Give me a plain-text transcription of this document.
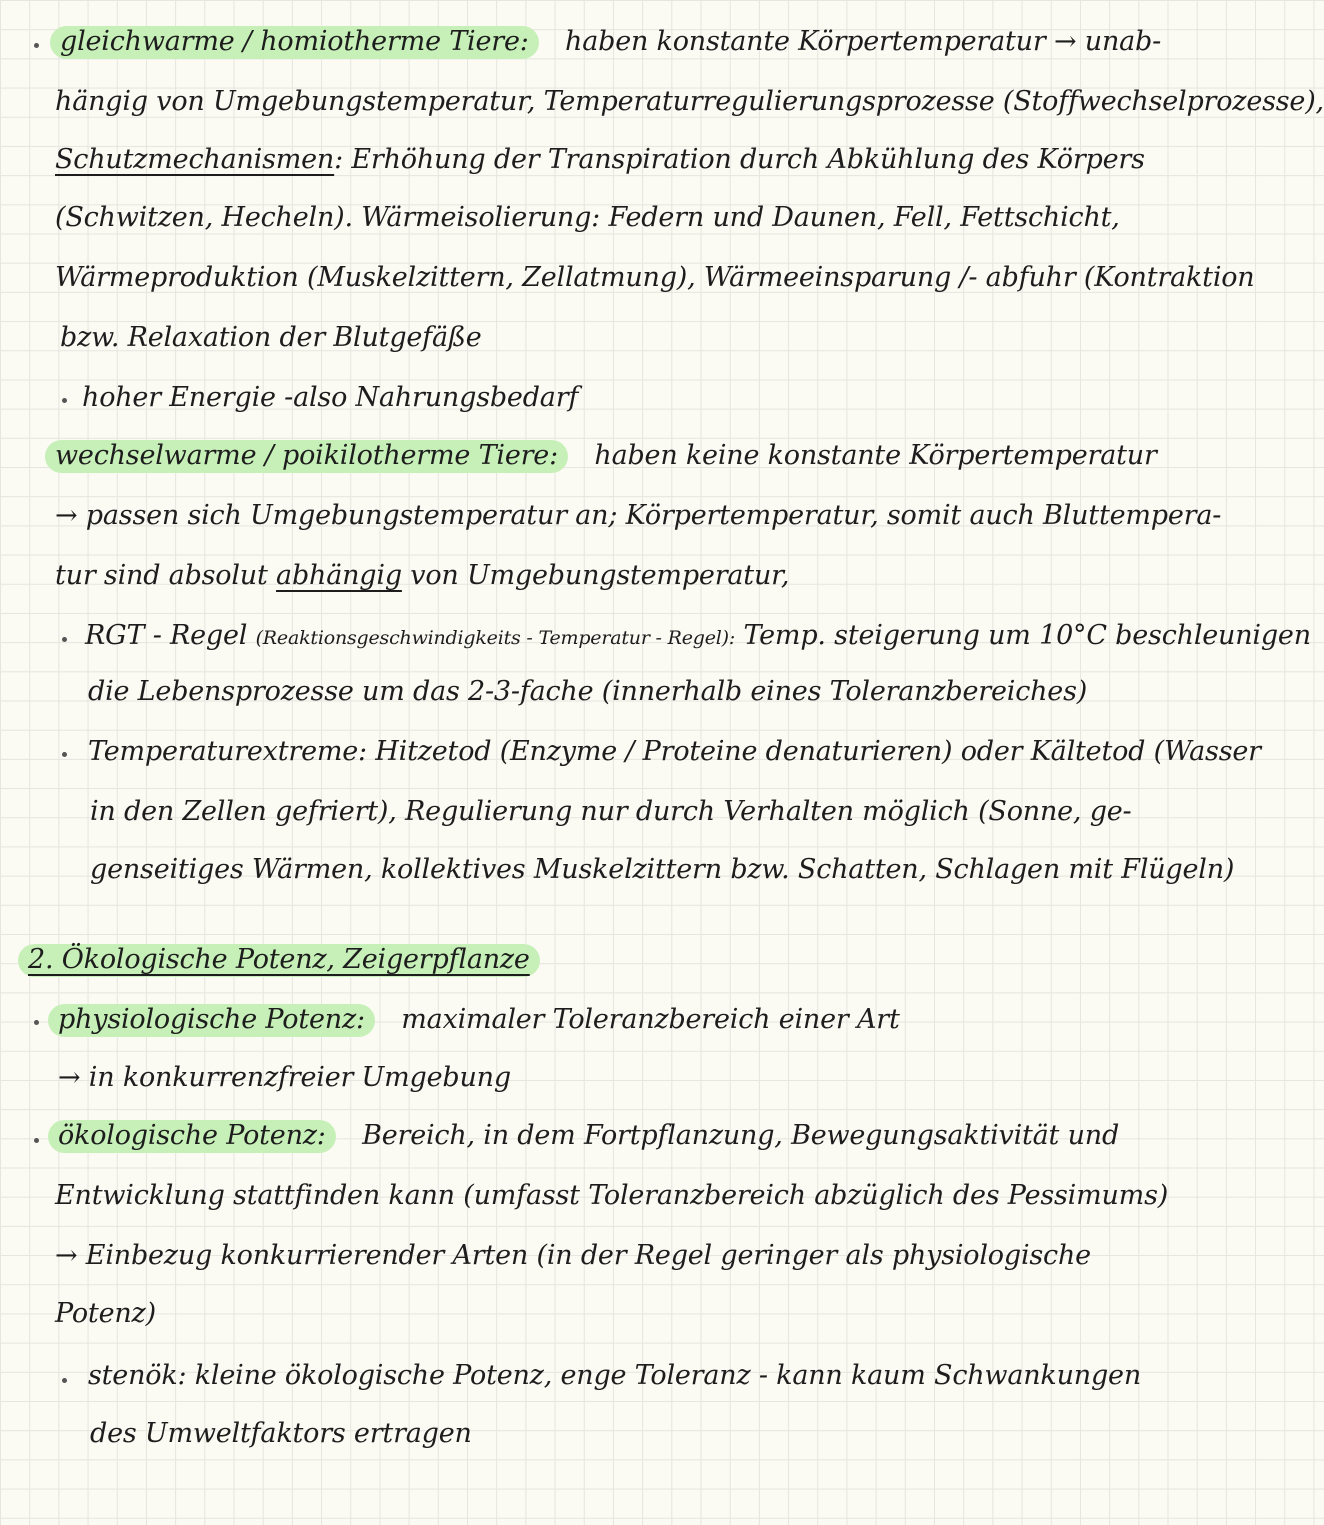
gleichwarme / homiotherme Tiere: haben konstante Körpertemperatur → unab-
hängig von Umgebungstemperatur, Temperaturregulierungsprozesse (Stoffwechselprozesse),
Schutzmechanismen: Erhöhung der Transpiration durch Abkühlung des Körpers
(Schwitzen, Hecheln). Wärmeisolierung: Federn und Daunen, Fell, Fettschicht,
Wärmeproduktion (Muskelzittern, Zellatmung), Wärmeeinsparung /- abfuhr (Kontraktion
bzw. Relaxation der Blutgefäße
hoher Energie -also Nahrungsbedarf
wechselwarme / poikilotherme Tiere: haben keine konstante Körpertemperatur
→ passen sich Umgebungstemperatur an; Körpertemperatur, somit auch Bluttempera-
tur sind absolut abhängig von Umgebungstemperatur,
RGT - Regel (Reaktionsgeschwindigkeits - Temperatur - Regel): Temp. steigerung um 10°C beschleunigen
die Lebensprozesse um das 2-3-fache (innerhalb eines Toleranzbereiches)
Temperaturextreme: Hitzetod (Enzyme / Proteine denaturieren) oder Kältetod (Wasser
in den Zellen gefriert), Regulierung nur durch Verhalten möglich (Sonne, ge-
genseitiges Wärmen, kollektives Muskelzittern bzw. Schatten, Schlagen mit Flügeln)
2. Ökologische Potenz, Zeigerpflanze
physiologische Potenz: maximaler Toleranzbereich einer Art
→ in konkurrenzfreier Umgebung
ökologische Potenz: Bereich, in dem Fortpflanzung, Bewegungsaktivität und
Entwicklung stattfinden kann (umfasst Toleranzbereich abzüglich des Pessimums)
→ Einbezug konkurrierender Arten (in der Regel geringer als physiologische
Potenz)
stenök: kleine ökologische Potenz, enge Toleranz - kann kaum Schwankungen
des Umweltfaktors ertragen
